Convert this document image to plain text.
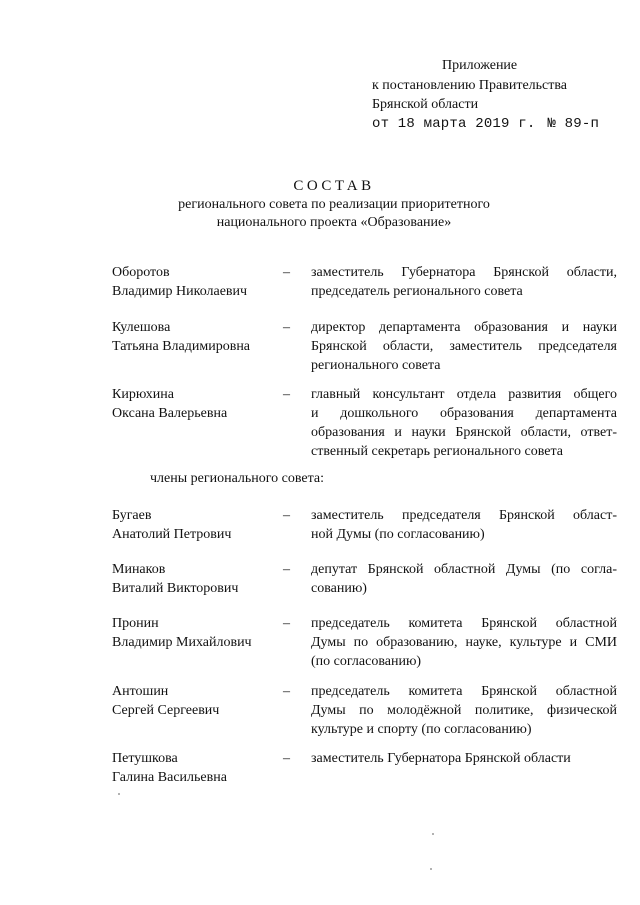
Приложение
к постановлению Правительства
Брянской области
от 18 марта 2019 г. № 89-п
СОСТАВ
регионального совета по реализации приоритетного
национального проекта «Образование»
Оборотов
Владимир Николаевич
– заместитель Губернатора Брянской области,
председатель регионального совета
Кулешова
Татьяна Владимировна
– директор департамента образования и науки
Брянской области, заместитель председателя
регионального совета
Кирюхина
Оксана Валерьевна
– главный консультант отдела развития общего
и дошкольного образования департамента
образования и науки Брянской области, ответ-
ственный секретарь регионального совета
члены регионального совета:
Бугаев
Анатолий Петрович
– заместитель председателя Брянской област-
ной Думы (по согласованию)
Минаков
Виталий Викторович
– депутат Брянской областной Думы (по согла-
сованию)
Пронин
Владимир Михайлович
– председатель комитета Брянской областной
Думы по образованию, науке, культуре и СМИ
(по согласованию)
Антошин
Сергей Сергеевич
– председатель комитета Брянской областной
Думы по молодёжной политике, физической
культуре и спорту (по согласованию)
Петушкова
Галина Васильевна
– заместитель Губернатора Брянской области
